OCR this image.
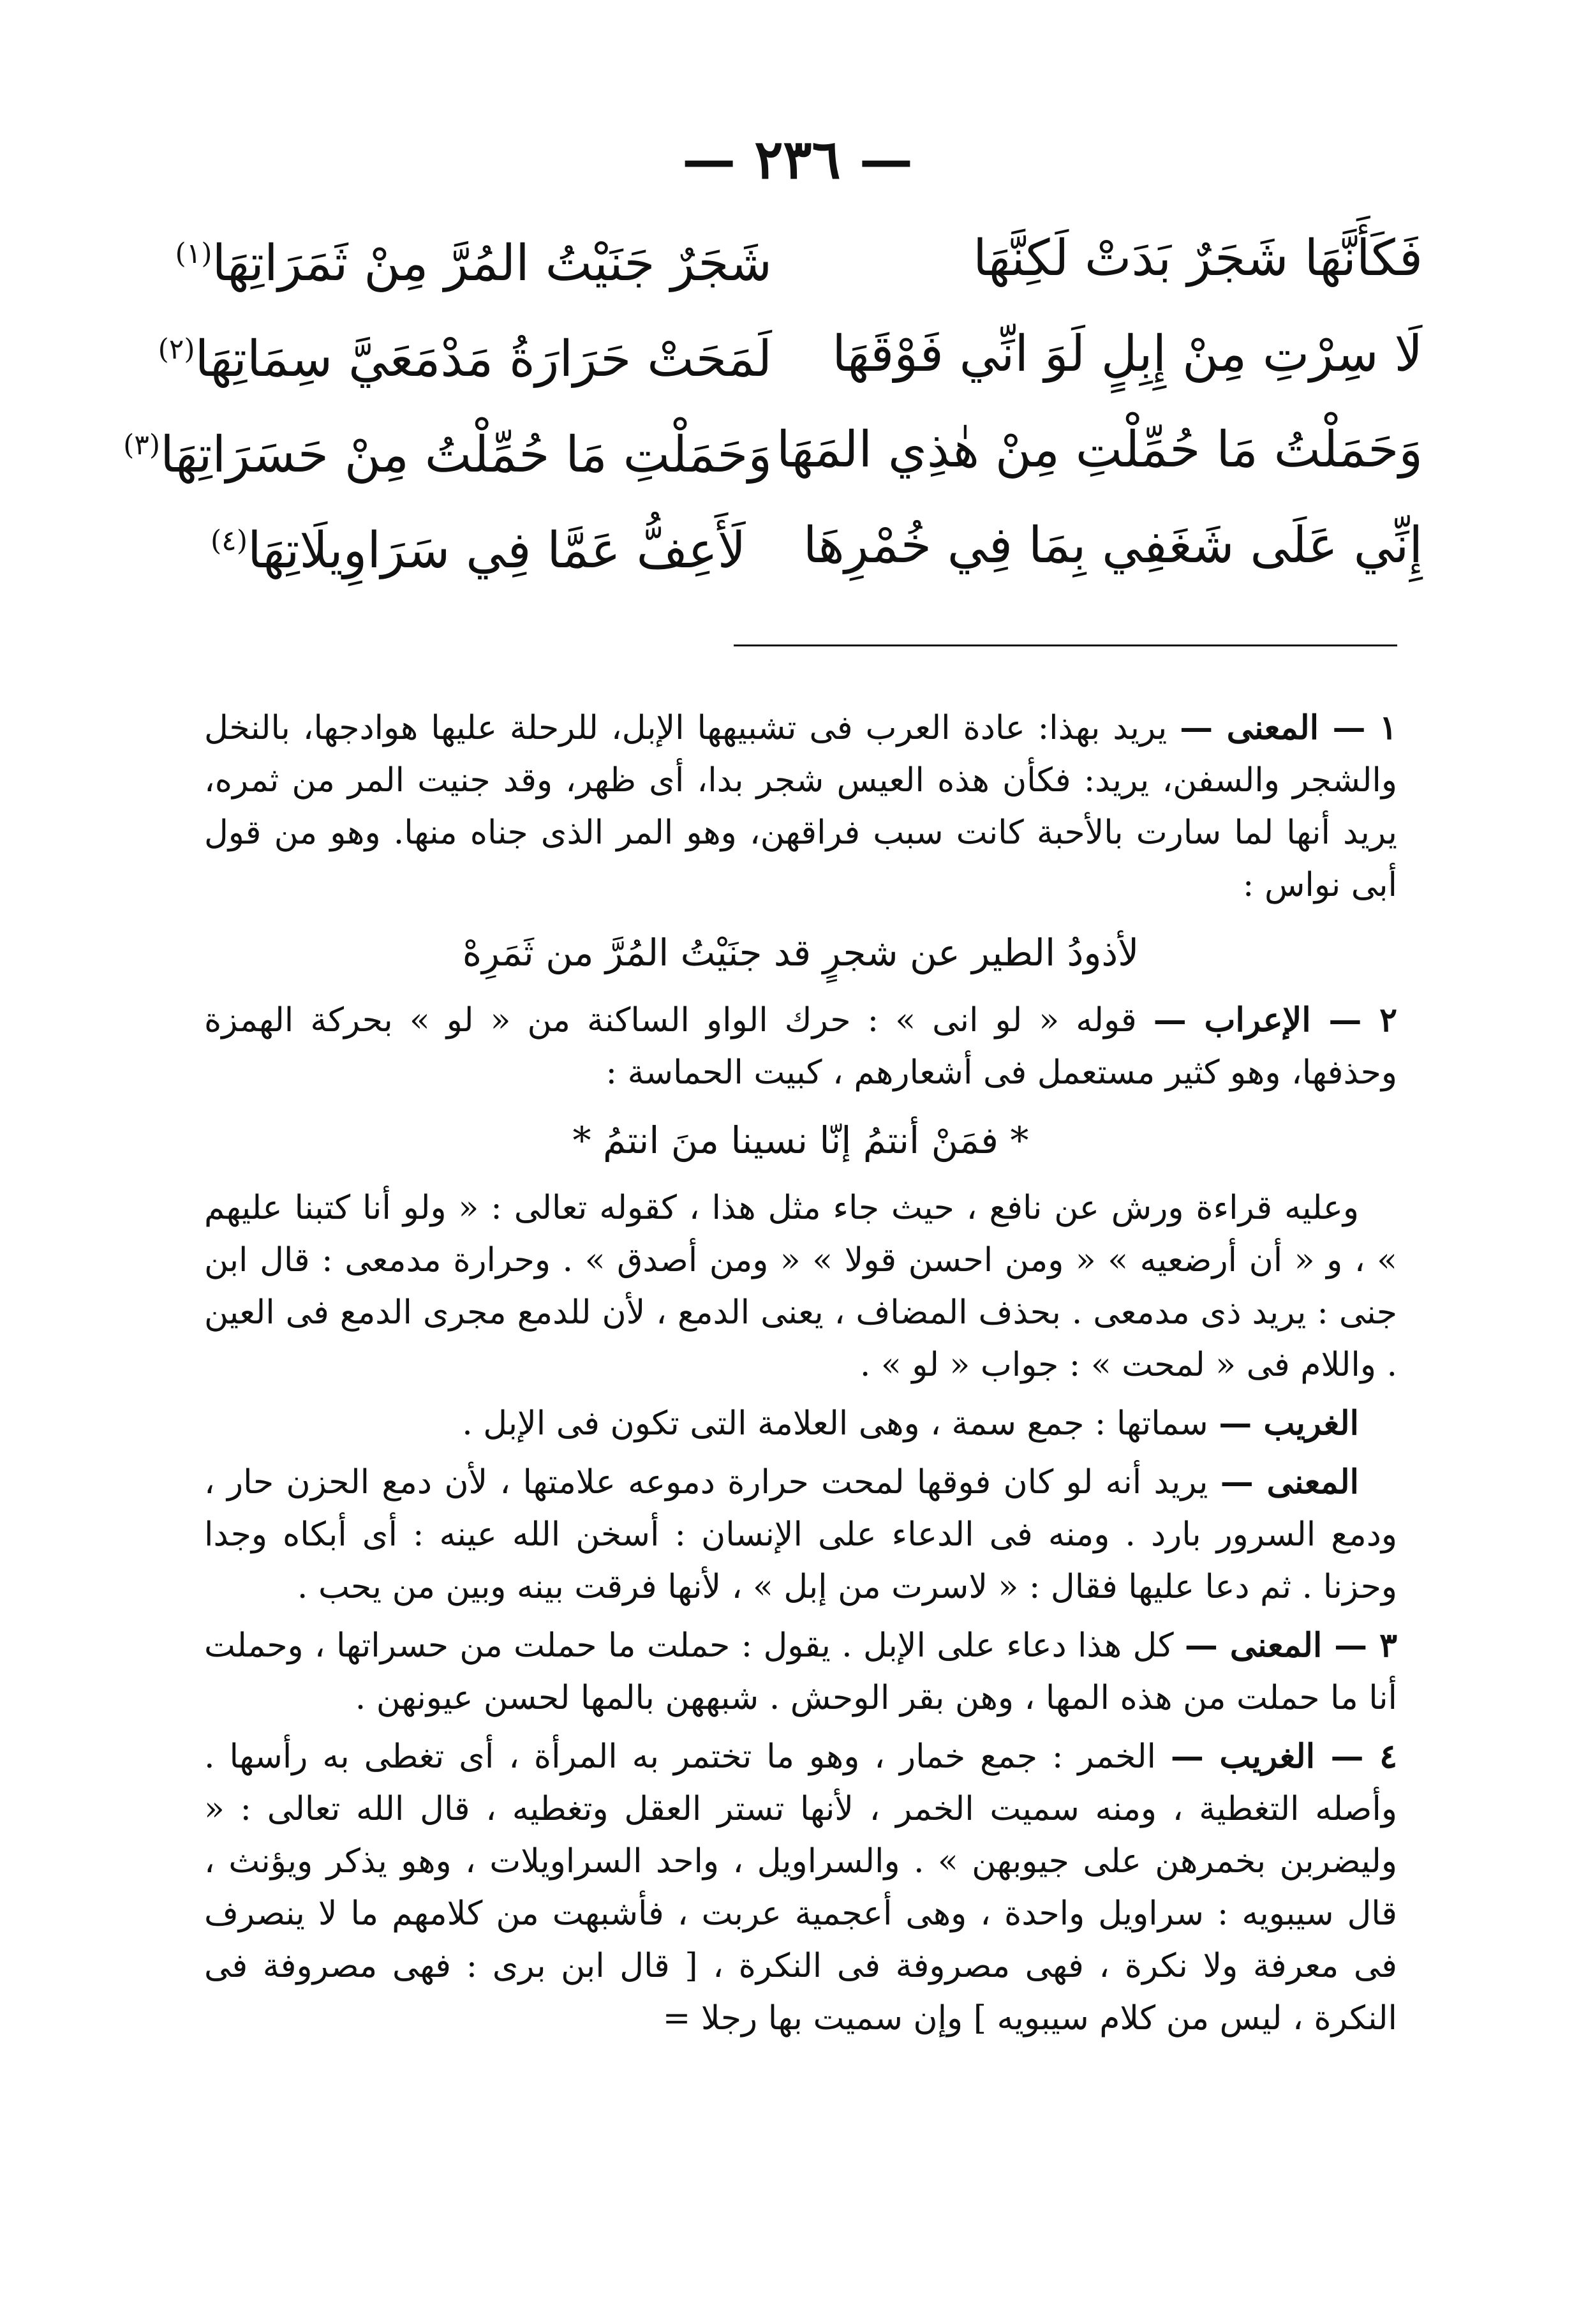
— ٢٣٦ —
فَكَأَنَّهَا شَجَرٌ بَدَتْ لَكِنَّهَا
شَجَرٌ جَنَيْتُ المُرَّ مِنْ ثَمَرَاتِهَا$^{(١)}$
لَا سِرْتِ مِنْ إِبِلٍ لَوَ انِّي فَوْقَهَا
لَمَحَتْ حَرَارَةُ مَدْمَعَيَّ سِمَاتِهَا$^{(٢)}$
وَحَمَلْتُ مَا حُمِّلْتِ مِنْ هٰذِي المَهَا
وَحَمَلْتِ مَا حُمِّلْتُ مِنْ حَسَرَاتِهَا$^{(٣)}$
إِنِّي عَلَى شَغَفِي بِمَا فِي خُمْرِهَا
لَأَعِفُّ عَمَّا فِي سَرَاوِيلَاتِهَا$^{(٤)}$

١ — المعنى — يريد بهذا: عادة العرب فى تشبيهها الإبل، للرحلة عليها هوادجها، بالنخل والشجر والسفن، يريد: فكأن هذه العيس شجر بدا، أى ظهر، وقد جنيت المر من ثمره، يريد أنها لما سارت بالأحبة كانت سبب فراقهن، وهو المر الذى جناه منها. وهو من قول أبى نواس :

لأذودُ الطير عن شجرٍ قد جنَيْتُ المُرَّ من ثَمَرِهْ

٢ — الإعراب — قوله « لو انى » : حرك الواو الساكنة من « لو » بحركة الهمزة وحذفها، وهو كثير مستعمل فى أشعارهم ، كبيت الحماسة :

* فمَنْ أنتمُ إنّا نسينا منَ انتمُ *

وعليه قراءة ورش عن نافع ، حيث جاء مثل هذا ، كقوله تعالى : « ولو أنا كتبنا عليهم » ، و « أن أرضعيه » « ومن احسن قولا » « ومن أصدق » . وحرارة مدمعى : قال ابن جنى : يريد ذى مدمعى . بحذف المضاف ، يعنى الدمع ، لأن للدمع مجرى الدمع فى العين . واللام فى « لمحت » : جواب « لو » .

الغريب — سماتها : جمع سمة ، وهى العلامة التى تكون فى الإبل .

المعنى — يريد أنه لو كان فوقها لمحت حرارة دموعه علامتها ، لأن دمع الحزن حار ، ودمع السرور بارد . ومنه فى الدعاء على الإنسان : أسخن الله عينه : أى أبكاه وجدا وحزنا . ثم دعا عليها فقال : « لاسرت من إبل » ، لأنها فرقت بينه وبين من يحب .

٣ — المعنى — كل هذا دعاء على الإبل . يقول : حملت ما حملت من حسراتها ، وحملت أنا ما حملت من هذه المها ، وهن بقر الوحش . شبههن بالمها لحسن عيونهن .

٤ — الغريب — الخمر : جمع خمار ، وهو ما تختمر به المرأة ، أى تغطى به رأسها . وأصله التغطية ، ومنه سميت الخمر ، لأنها تستر العقل وتغطيه ، قال الله تعالى : « وليضربن بخمرهن على جيوبهن » . والسراويل ، واحد السراويلات ، وهو يذكر ويؤنث ، قال سيبويه : سراويل واحدة ، وهى أعجمية عربت ، فأشبهت من كلامهم ما لا ينصرف فى معرفة ولا نكرة ، فهى مصروفة فى النكرة ، [ قال ابن برى : فهى مصروفة فى النكرة ، ليس من كلام سيبويه ] وإن سميت بها رجلا =
